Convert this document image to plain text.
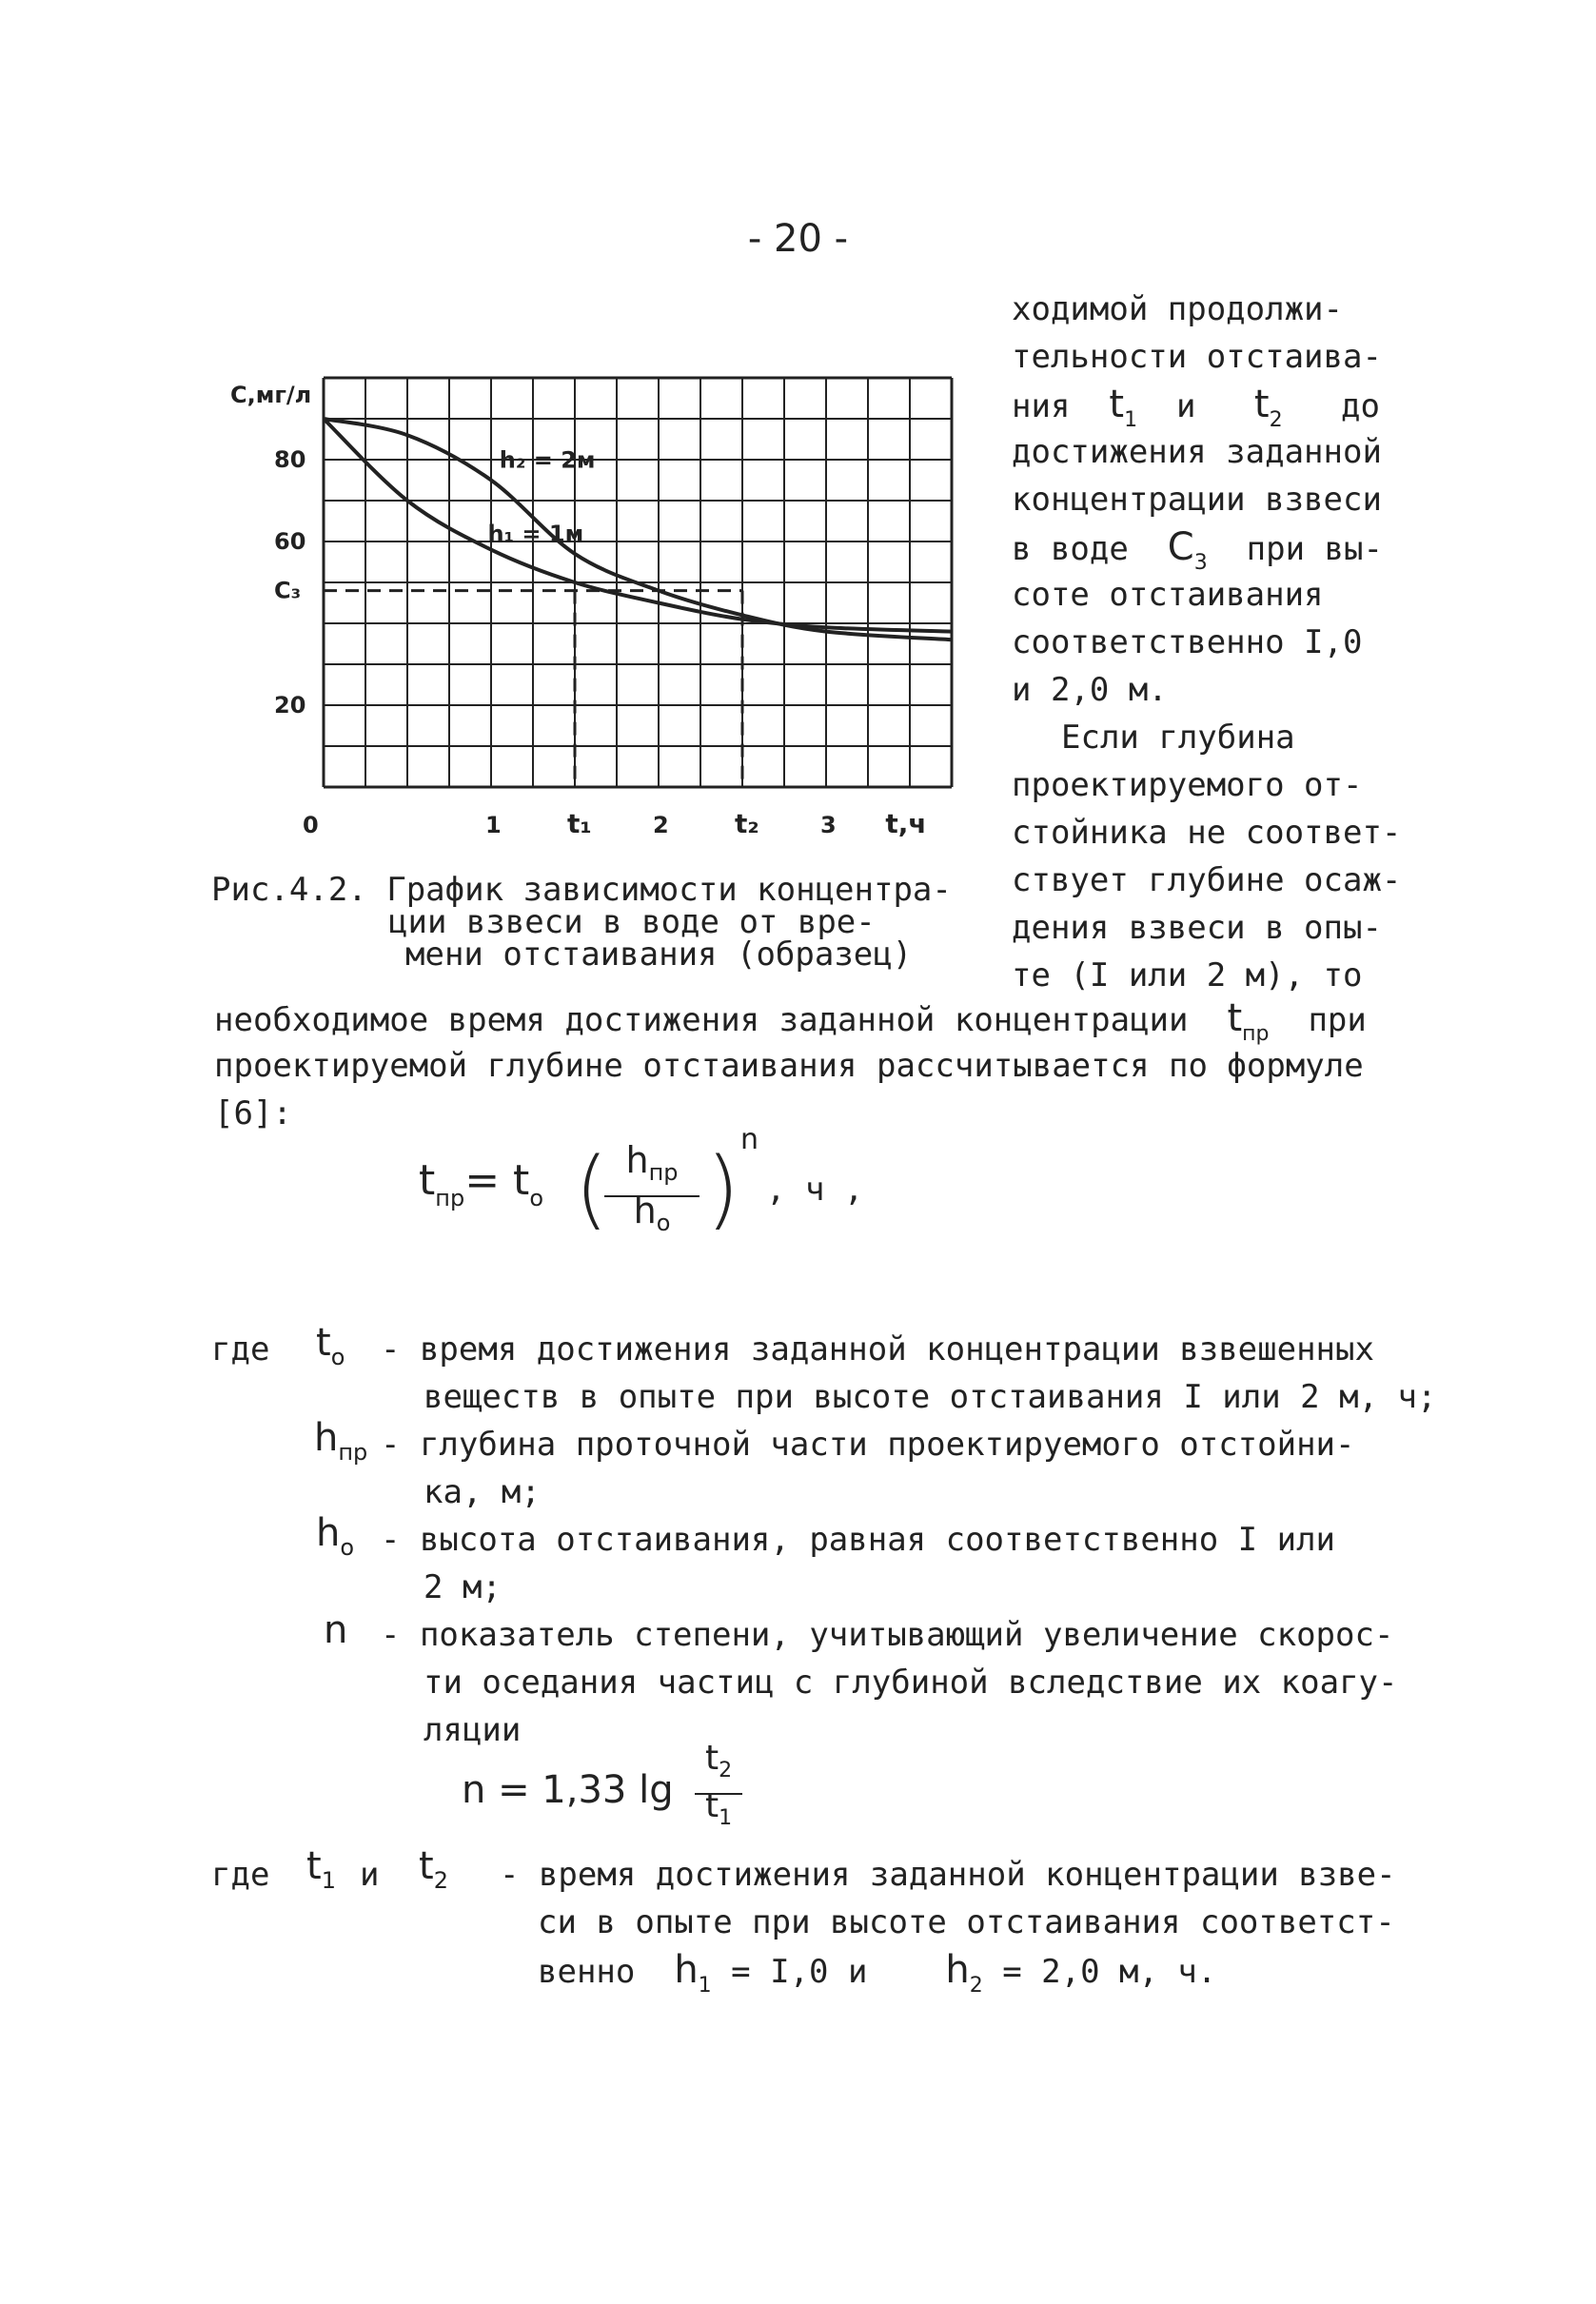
- 20 -
ходимой продолжи-
тельности отстаива-
ния $t_1$ и $t_2$ до
достижения заданной
концентрации взвеси
в воде $С_3$ при вы-
соте отстаивания
соответственно I,0
и 2,0 м.
Если глубина
проектируемого от-
стойника не соответ-
ствует глубине осаж-
дения взвеси в опы-
те (I или 2 м), то
С,мг/л
80
60
С₃
20
0	1	2	3
t₁	t₂	t,ч
h₂ = 2м
h₁ = 1м
Рис.4.2. График зависимости концентра-
ции взвеси в воде от вре-
мени отстаивания (образец)
необходимое время достижения заданной концентрации $t_{пр}$ при
проектируемой глубине отстаивания рассчитывается по формуле
[6]:
$t_{пр}= t_о$ ( $h_{пр}$
$h_о$ ) n
, ч ,
где $t_о$ - время достижения заданной концентрации взвешенных
веществ в опыте при высоте отстаивания I или 2 м, ч;
$h_{пр}$ - глубина проточной части проектируемого отстойни-
ка, м;
$h_о$ - высота отстаивания, равная соответственно I или
2 м;
n - показатель степени, учитывающий увеличение скорос-
ти оседания частиц с глубиной вследствие их коагу-
ляции
n = 1,33 lg
$t_2$
$t_1$
где $t_1$ и $t_2$ - время достижения заданной концентрации взве-
си в опыте при высоте отстаивания соответст-
венно $h_1 = I,0$ и $h_2 = 2,0$ м, ч.
